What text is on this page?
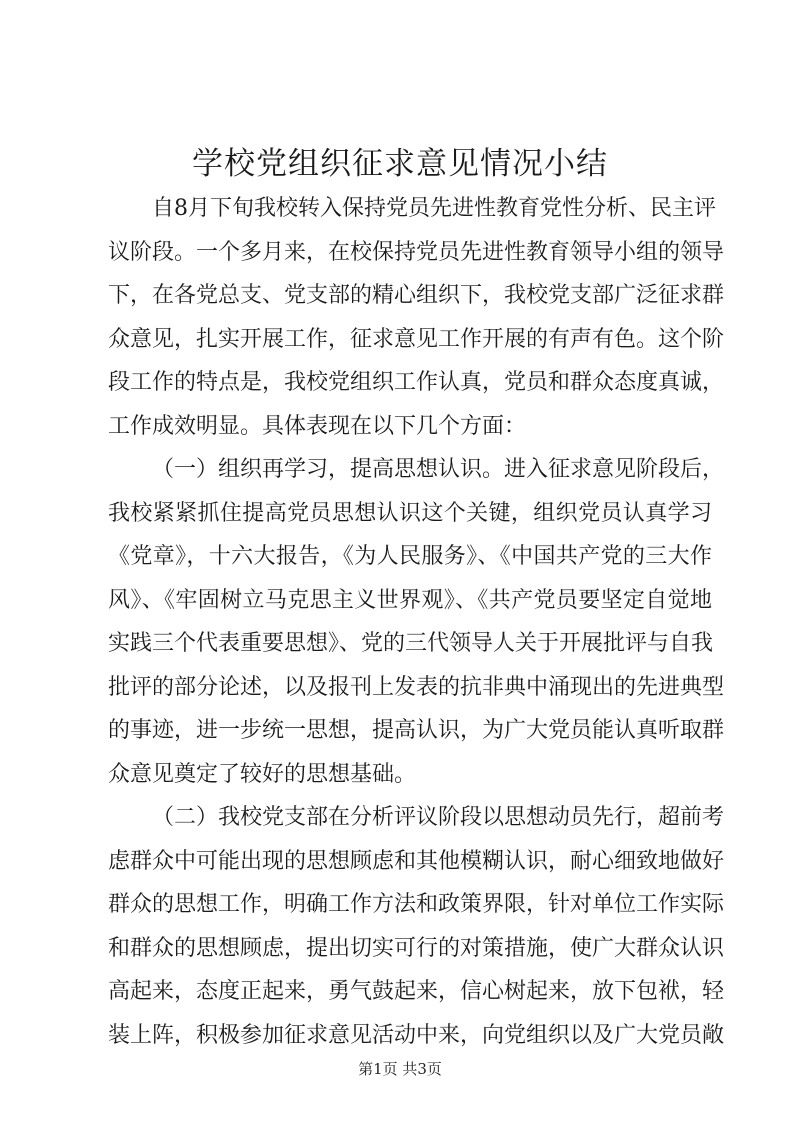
学校党组织征求意见情况小结

自8月下旬我校转入保持党员先进性教育党性分析、民主评

议阶段。一个多月来，在校保持党员先进性教育领导小组的领导

下，在各党总支、党支部的精心组织下，我校党支部广泛征求群

众意见，扎实开展工作，征求意见工作开展的有声有色。这个阶

段工作的特点是，我校党组织工作认真，党员和群众态度真诚，

工作成效明显。具体表现在以下几个方面：

（一）组织再学习，提高思想认识。进入征求意见阶段后，

我校紧紧抓住提高党员思想认识这个关键，组织党员认真学习

《党章》，十六大报告，《为人民服务》、《中国共产党的三大作

风》、《牢固树立马克思主义世界观》、《共产党员要坚定自觉地

实践三个代表重要思想》、党的三代领导人关于开展批评与自我

批评的部分论述，以及报刊上发表的抗非典中涌现出的先进典型

的事迹，进一步统一思想，提高认识，为广大党员能认真听取群

众意见奠定了较好的思想基础。

（二）我校党支部在分析评议阶段以思想动员先行，超前考

虑群众中可能出现的思想顾虑和其他模糊认识，耐心细致地做好

群众的思想工作，明确工作方法和政策界限，针对单位工作实际

和群众的思想顾虑，提出切实可行的对策措施，使广大群众认识

高起来，态度正起来，勇气鼓起来，信心树起来，放下包袱，轻

装上阵，积极参加征求意见活动中来，向党组织以及广大党员敞

第1页 共3页
